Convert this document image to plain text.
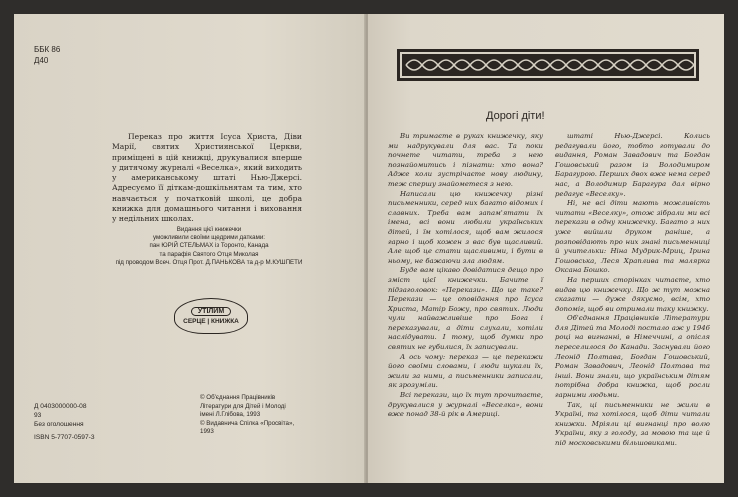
ББК 86
Д40
Переказ про життя Ісуса Христа, Діви Марії, святих Християнської Церкви, приміщені в цій книжці, друкувалися вперше у дитячому журналі «Веселка», який виходить у американському штаті Нью-Джерсі. Адресуємо її діткам-дошкільнятам та тим, хто навчається у початковій школі, це добра книжка для домашнього читання і виховання у недільних школах.
Видання цієї книжечки
уможливили своїми щедрими датками:
пан ЮРІЙ СТЕЛЬМАХ із Торонто, Канада
та парафія Святого Отця Миколая
під проводом Всеч. Отця Прот. Д.ПАНЬКОВА та д-р М.КУШПЕТИ
УТІЛИМ
СЕРЦЕ | КНИЖКА
Д 0403000000-08
93
Без оголошення
ISBN 5-7707-0597-3
© Об'єднання Працівників
Літератури для Дітей і Молоді
імені Л.Глібова, 1993
© Видавнича Спілка «Просвіта»,
1993
Дорогі діти!

Ви тримаєте в руках книжечку, яку ми надрукували для вас. Та поки почнете читати, треба з нею познайомитись і пізнати: хто вона? Адже коли зустрічаєте нову людину, теж спершу знайометеся з нею.

Написали цю книжечку різні письменники, серед них багато відомих і славних. Треба вам запам'ятати їх імена, всі вони любили українських дітей, і їм хотілося, щоб вам жилося гарно і щоб кожен з вас був щасливий. Але щоб це стати щасливими, і бути в ньому, не бажаючи зла людям.

Буде вам цікаво довідатися дещо про зміст цієї книжечки. Бачите ї підзаголовок: «Перекази». Що це таке? Перекази — це оповідання про Ісуса Христа, Матір Божу, про святих. Люди чули найважливіше про Бога і переказували, а діти слухали, хотіли наслідувати. І тому, щоб думки про святих не губилися, їх записували.

А ось чому: переказ — це перекажи його своїми словами, і люди шукали їх, жили за ними, а письменники записали, як зрозуміли.

Всі перекази, що їх тут прочитаєте, друкувалися у журналі «Веселка», вони вже понад 38-й рік в Америці.

штаті Нью-Джерсі. Колись редагували його, тобто готували до видання, Роман Завадович та Богдан Гошовський разом із Володимиром Барагурою. Перших двох вже нема серед нас, а Володимир Барагура дал вірно редагує «Веселку».

Ні, не всі діти мають можливість читати «Веселку», отож зібрали ми всі перекази в одну книжечку. Багато з них уже вийшли друком раніше, а розповідають про них знані письменниці й учительки: Ніна Мудрик-Мриц, Ірина Гошовська, Леся Храплива та малярка Оксана Бошко.

На перших сторінках читаєте, хто видав цю книжечку. Що ж тут можна сказати — дуже дякуємо, всім, хто допоміг, щоб ви отримали таку книжку.

Об'єднання Працівників Літератури для Дітей та Молоді постало аж у 1946 році на вигнанні, в Німеччині, а опісля переселилося до Канади. Заснували його Леонід Полтава, Богдан Гошовський, Роман Завадович, Леонід Полтава та інші. Вони знали, що українським дітям потрібна добра книжка, щоб росли гарними людьми.

Так, ці письменники не жили в Україні, та хотілося, щоб діти читали книжки. Мріяли ці вигнанці про волю України, яку з голоду, за мовою та ще й під московськими більшовиками.
